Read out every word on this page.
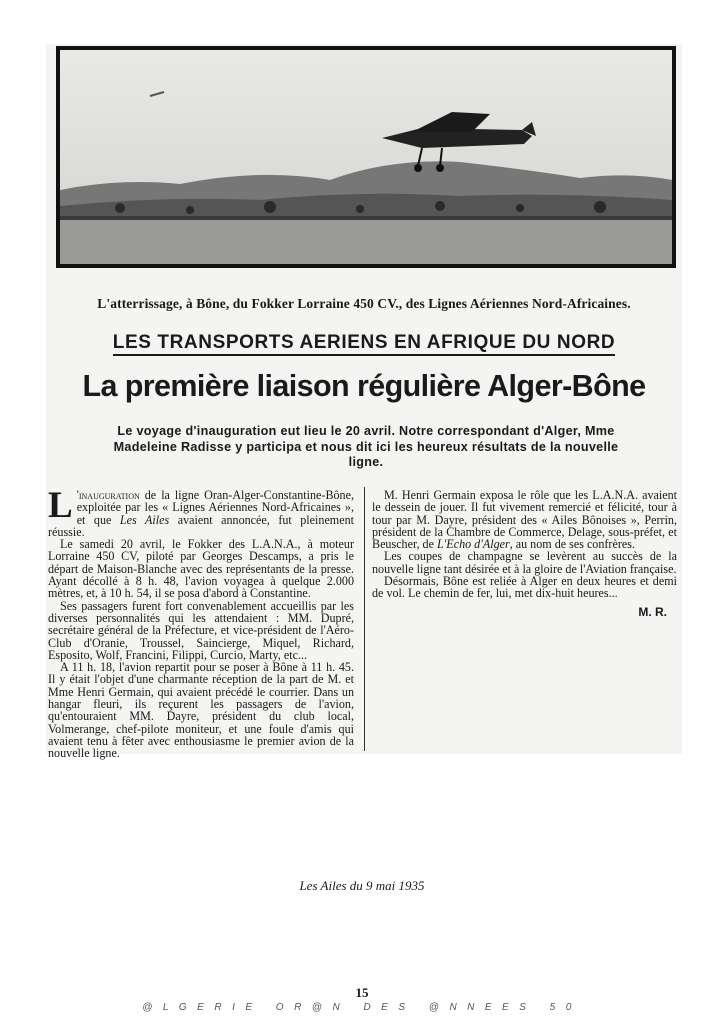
L'atterrissage, à Bône, du Fokker Lorraine 450 CV., des Lignes Aériennes Nord-Africaines.
LES TRANSPORTS AERIENS EN AFRIQUE DU NORD
La première liaison régulière Alger-Bône
Le voyage d'inauguration eut lieu le 20 avril. Notre correspondant d'Alger, Mme Madeleine Radisse y participa et nous dit ici les heureux résultats de la nouvelle ligne.

L 'inauguration de la ligne Oran-Alger-Constantine-Bône, exploitée par les « Lignes Aériennes Nord-Africaines », et que Les Ailes avaient annoncée, fut pleinement réussie.

Le samedi 20 avril, le Fokker des L.A.N.A., à moteur Lorraine 450 CV, piloté par Georges Descamps, a pris le départ de Maison-Blanche avec des représentants de la presse. Ayant décollé à 8 h. 48, l'avion voyagea à quelque 2.000 mètres, et, à 10 h. 54, il se posa d'abord à Constantine.

Ses passagers furent fort convenablement accueillis par les diverses personnalités qui les attendaient : MM. Dupré, secrétaire général de la Préfecture, et vice-président de l'Aéro-Club d'Oranie, Troussel, Saincierge, Miquel, Richard, Esposito, Wolf, Francini, Filippi, Curcio, Marty, etc...

A 11 h. 18, l'avion repartit pour se poser à Bône à 11 h. 45. Il y était l'objet d'une charmante réception de la part de M. et Mme Henri Germain, qui avaient précédé le courrier. Dans un hangar fleuri, ils reçurent les passagers de l'avion, qu'entouraient MM. Dayre, président du club local, Volmerange, chef-pilote moniteur, et une foule d'amis qui avaient tenu à fêter avec enthousiasme le premier avion de la nouvelle ligne.

M. Henri Germain exposa le rôle que les L.A.N.A. avaient le dessein de jouer. Il fut vivement remercié et félicité, tour à tour par M. Dayre, président des « Ailes Bônoises », Perrin, président de la Chambre de Commerce, Delage, sous-préfet, et Beuscher, de L'Echo d'Alger, au nom de ses confrères.

Les coupes de champagne se levèrent au succès de la nouvelle ligne tant désirée et à la gloire de l'Aviation française.

Désormais, Bône est reliée à Alger en deux heures et demi de vol. Le chemin de fer, lui, met dix-huit heures...

M. R.
Les Ailes du 9 mai 1935
15
@LGERIE OR@N DES @NNEES 50
